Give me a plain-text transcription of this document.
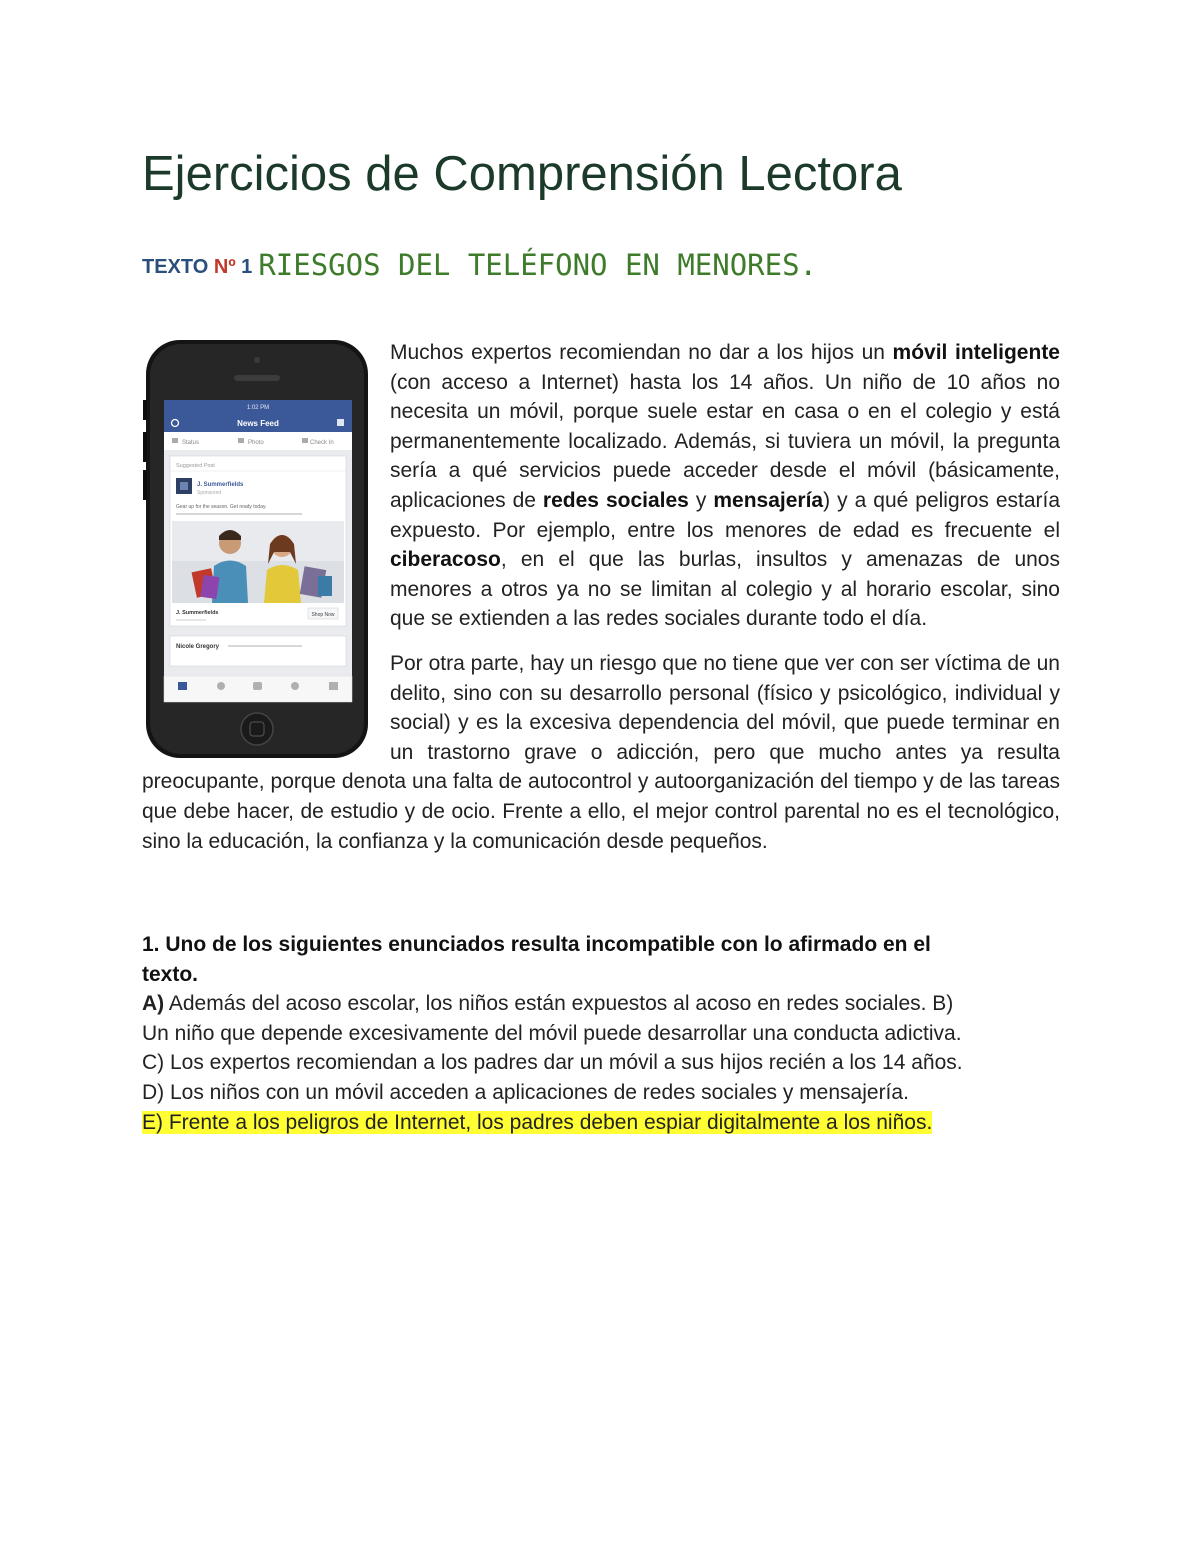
Ejercicios de Comprensión Lectora
TEXTO Nº 1 RIESGOS DEL TELÉFONO EN MENORES.
1:02 PM
News Feed
Status	Photo	Check In
Suggested Post
J. Summerfields
Sponsored
Gear up for the season. Get ready today.
J. Summerfields	Shop Now
Nicole Gregory

Muchos expertos recomiendan no dar a los hijos un móvil inteligente (con acceso a Internet) hasta los 14 años. Un niño de 10 años no necesita un móvil, porque suele estar en casa o en el colegio y está permanentemente localizado. Además, si tuviera un móvil, la pregunta sería a qué servicios puede acceder desde el móvil (básicamente, aplicaciones de redes sociales y mensajería) y a qué peligros estaría expuesto. Por ejemplo, entre los menores de edad es frecuente el ciberacoso, en el que las burlas, insultos y amenazas de unos menores a otros ya no se limitan al colegio y al horario escolar, sino que se extienden a las redes sociales durante todo el día.

Por otra parte, hay un riesgo que no tiene que ver con ser víctima de un delito, sino con su desarrollo personal (físico y psicológico, individual y social) y es la excesiva dependencia del móvil, que puede terminar en un trastorno grave o adicción, pero que mucho antes ya resulta preocupante, porque denota una falta de autocontrol y autoorganización del tiempo y de las tareas que debe hacer, de estudio y de ocio. Frente a ello, el mejor control parental no es el tecnológico, sino la educación, la confianza y la comunicación desde pequeños.

1. Uno de los siguientes enunciados resulta incompatible con lo afirmado en el
texto.
A) Además del acoso escolar, los niños están expuestos al acoso en redes sociales. B)
Un niño que depende excesivamente del móvil puede desarrollar una conducta adictiva.
C) Los expertos recomiendan a los padres dar un móvil a sus hijos recién a los 14 años.
D) Los niños con un móvil acceden a aplicaciones de redes sociales y mensajería.
E) Frente a los peligros de Internet, los padres deben espiar digitalmente a los niños.
